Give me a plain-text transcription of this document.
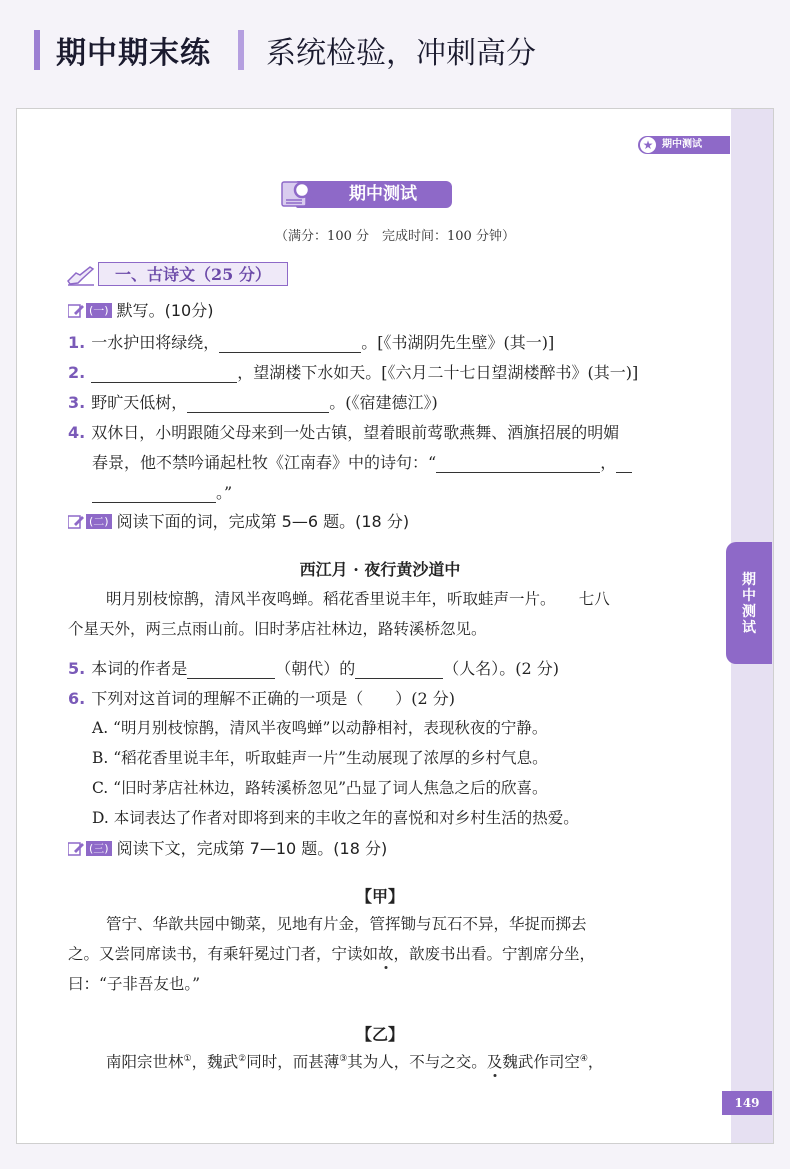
期中期末练 系统检验，冲刺高分
★ 期中测试
期
中
测
试
149
期中测试
（满分：100 分　完成时间：100 分钟）
一、古诗文（25 分）
(一) 默写。(10分)
1. 一水护田将绿绕，	。[《书湖阴先生壁》(其一)]
2.	，望湖楼下水如天。[《六月二十七日望湖楼醉书》(其一)]
3. 野旷天低树，	。(《宿建德江》)
4. 双休日，小明跟随父母来到一处古镇，望着眼前莺歌燕舞、酒旗招展的明媚
春景，他不禁吟诵起杜牧《江南春》中的诗句：“	，
。”
(二) 阅读下面的词，完成第 5—6 题。(18 分)
西江月 · 夜行黄沙道中
明月别枝惊鹊，清风半夜鸣蝉。稻花香里说丰年，听取蛙声一片。　　七八
个星天外，两三点雨山前。旧时茅店社林边，路转溪桥忽见。
5. 本词的作者是	（朝代）的	（人名）。(2 分)
6. 下列对这首词的理解不正确的一项是（　　）(2 分)
A. “明月别枝惊鹊，清风半夜鸣蝉”以动静相衬，表现秋夜的宁静。
B. “稻花香里说丰年，听取蛙声一片”生动展现了浓厚的乡村气息。
C. “旧时茅店社林边，路转溪桥忽见”凸显了词人焦急之后的欣喜。
D. 本词表达了作者对即将到来的丰收之年的喜悦和对乡村生活的热爱。
(三) 阅读下文，完成第 7—10 题。(18 分)
【甲】
管宁、华歆共园中锄菜，见地有片金，管挥锄与瓦石不异，华捉而掷去
之。又尝同席读书，有乘轩冕过门者，宁读如故，歆废书出看。宁割席分坐，
曰：“子非吾友也。”
【乙】
南阳宗世林①，魏武②同时，而甚薄③其为人，不与之交。及魏武作司空④，
